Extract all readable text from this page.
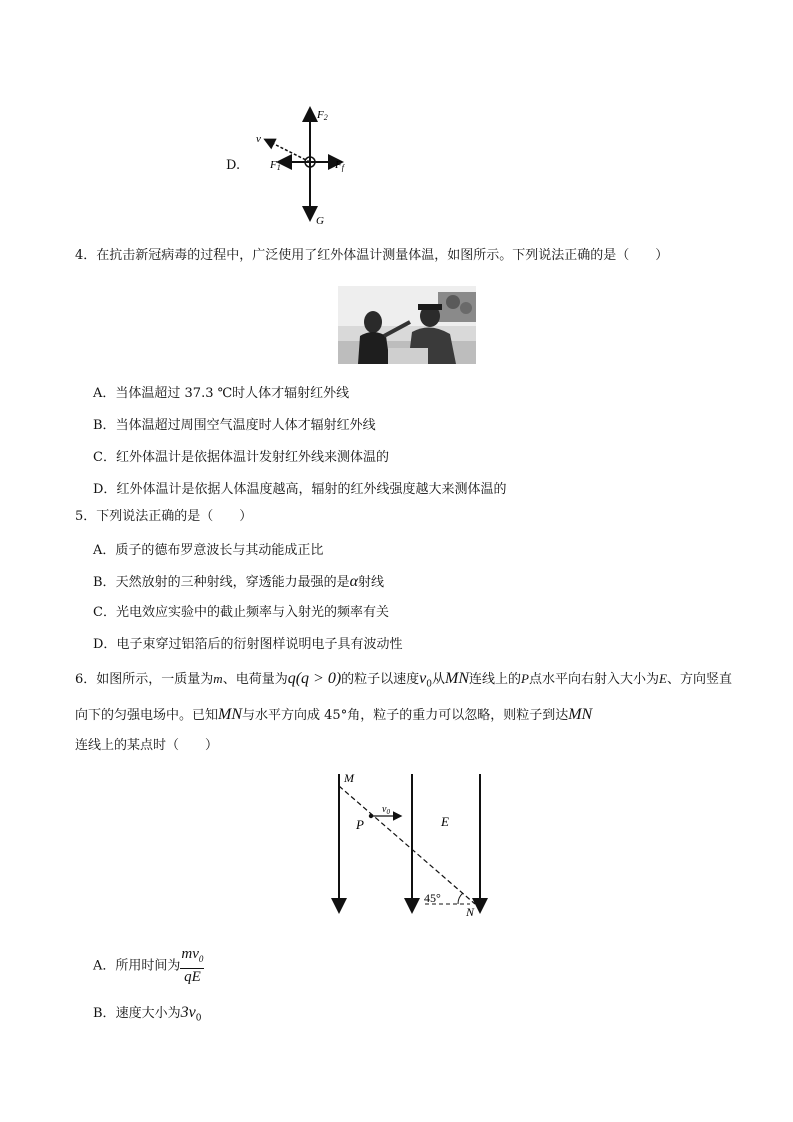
D.
F2
v
F1	Ff
G
4．在抗击新冠病毒的过程中，广泛使用了红外体温计测量体温，如图所示。下列说法正确的是（　　）
A．当体温超过 37.3 ℃时人体才辐射红外线
B．当体温超过周围空气温度时人体才辐射红外线
C．红外体温计是依据体温计发射红外线来测体温的
D．红外体温计是依据人体温度越高，辐射的红外线强度越大来测体温的
5．下列说法正确的是（　　）
A．质子的德布罗意波长与其动能成正比
B．天然放射的三种射线，穿透能力最强的是α射线
C．光电效应实验中的截止频率与入射光的频率有关
D．电子束穿过铝箔后的衍射图样说明电子具有波动性
6．如图所示，一质量为m、电荷量为q(q > 0)的粒子以速度$v_0$从MN连线上的P点水平向右射入大小为E、方向竖直向下的匀强电场中。已知MN与水平方向成 45°角，粒子的重力可以忽略，则粒子到达MN连线上的某点时（　　）
M
$v_0$
P	E
45°
N
A．所用时间为 $\frac{mv_0}{qE}$
B．速度大小为$3v_0$
